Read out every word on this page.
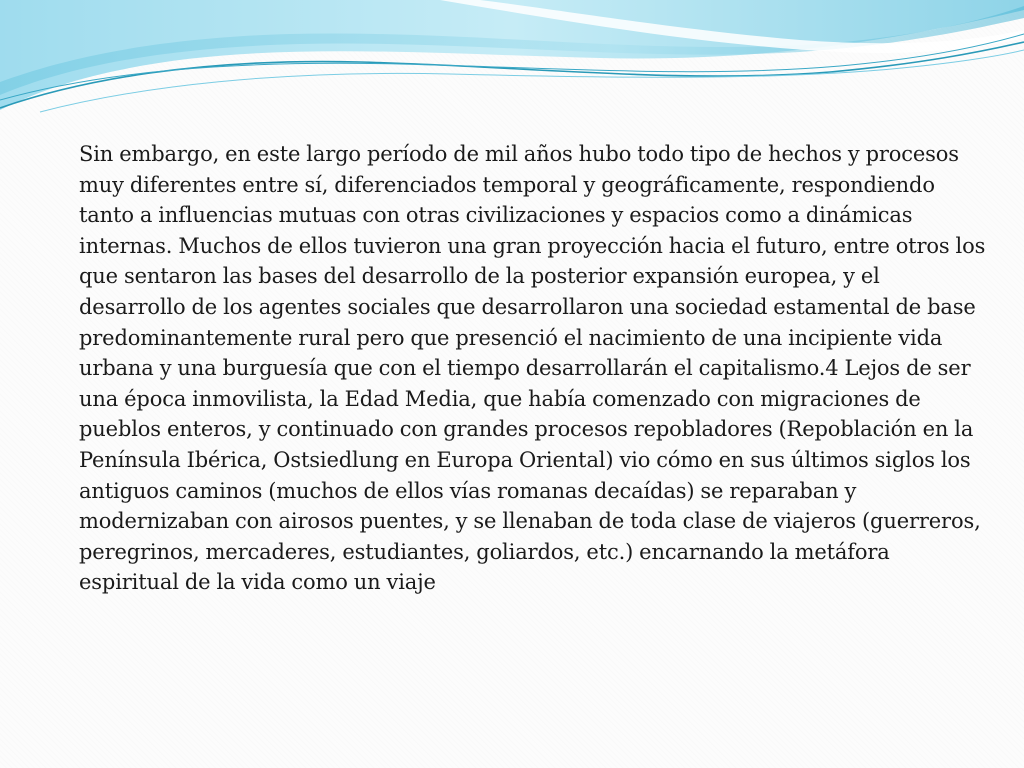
Sin embargo, en este largo período de mil años hubo todo tipo de hechos y procesos muy diferentes entre sí, diferenciados temporal y geográficamente, respondiendo tanto a influencias mutuas con otras civilizaciones y espacios como a dinámicas internas. Muchos de ellos tuvieron una gran proyección hacia el futuro, entre otros los que sentaron las bases del desarrollo de la posterior expansión europea, y el desarrollo de los agentes sociales que desarrollaron una sociedad estamental de base predominantemente rural pero que presenció el nacimiento de una incipiente vida urbana y una burguesía que con el tiempo desarrollarán el capitalismo.4 Lejos de ser una época inmovilista, la Edad Media, que había comenzado con migraciones de pueblos enteros, y continuado con grandes procesos repobladores (Repoblación en la Península Ibérica, Ostsiedlung en Europa Oriental) vio cómo en sus últimos siglos los antiguos caminos (muchos de ellos vías romanas decaídas) se reparaban y modernizaban con airosos puentes, y se llenaban de toda clase de viajeros (guerreros, peregrinos, mercaderes, estudiantes, goliardos, etc.) encarnando la metáfora espiritual de la vida como un viaje
